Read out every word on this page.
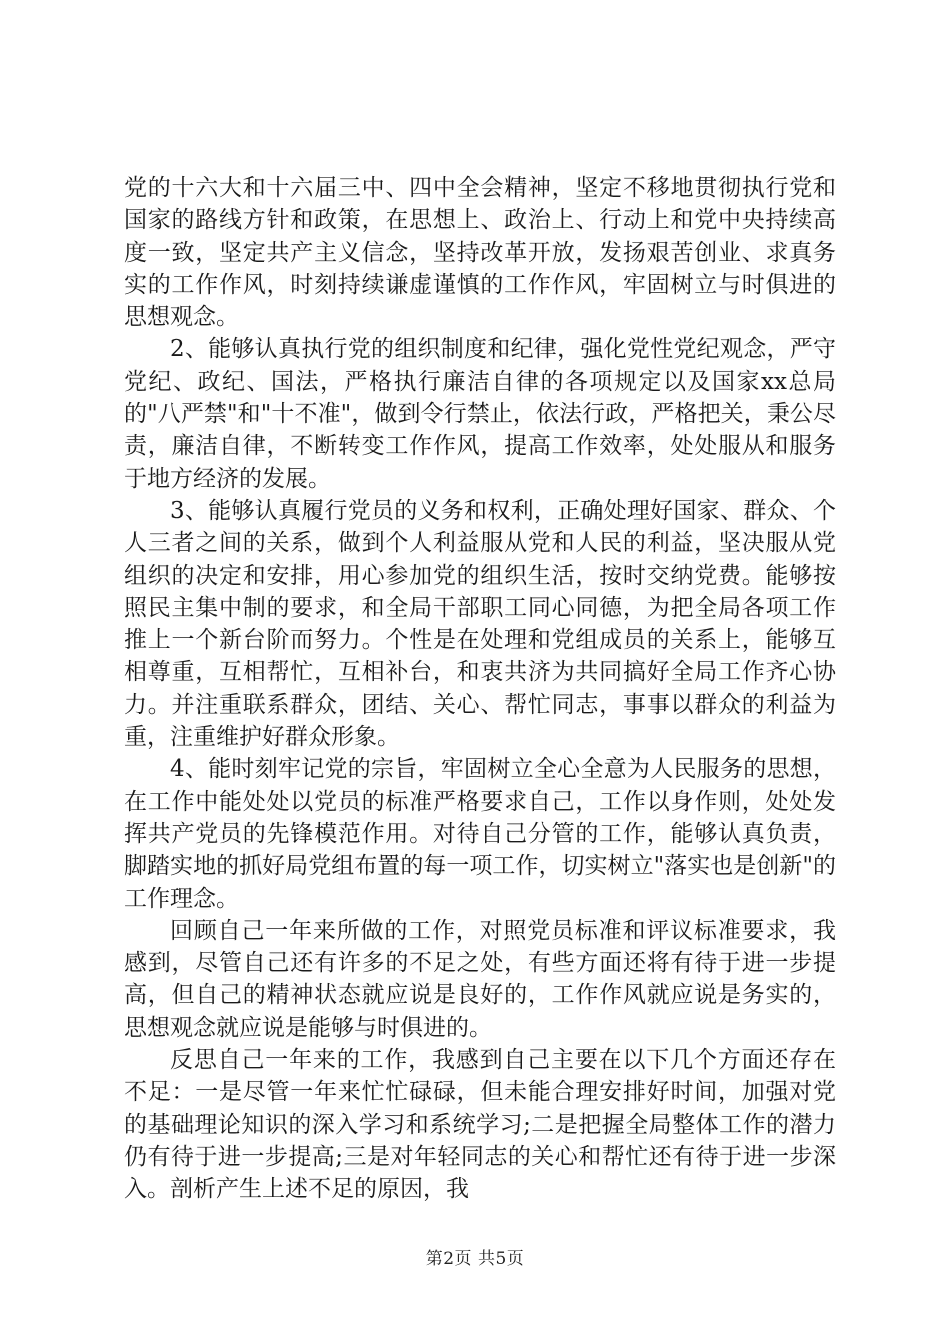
党的十六大和十六届三中、四中全会精神，坚定不移地贯彻执行党和国家的路线方针和政策，在思想上、政治上、行动上和党中央持续高度一致，坚定共产主义信念，坚持改革开放，发扬艰苦创业、求真务实的工作作风，时刻持续谦虚谨慎的工作作风，牢固树立与时俱进的思想观念。

2、能够认真执行党的组织制度和纪律，强化党性党纪观念，严守党纪、政纪、国法，严格执行廉洁自律的各项规定以及国家xx总局的"八严禁"和"十不准"，做到令行禁止，依法行政，严格把关，秉公尽责，廉洁自律，不断转变工作作风，提高工作效率，处处服从和服务于地方经济的发展。

3、能够认真履行党员的义务和权利，正确处理好国家、群众、个人三者之间的关系，做到个人利益服从党和人民的利益，坚决服从党组织的决定和安排，用心参加党的组织生活，按时交纳党费。能够按照民主集中制的要求，和全局干部职工同心同德，为把全局各项工作推上一个新台阶而努力。个性是在处理和党组成员的关系上，能够互相尊重，互相帮忙，互相补台，和衷共济为共同搞好全局工作齐心协力。并注重联系群众，团结、关心、帮忙同志，事事以群众的利益为重，注重维护好群众形象。

4、能时刻牢记党的宗旨，牢固树立全心全意为人民服务的思想，在工作中能处处以党员的标准严格要求自己，工作以身作则，处处发挥共产党员的先锋模范作用。对待自己分管的工作，能够认真负责，脚踏实地的抓好局党组布置的每一项工作，切实树立"落实也是创新"的工作理念。

回顾自己一年来所做的工作，对照党员标准和评议标准要求，我感到，尽管自己还有许多的不足之处，有些方面还将有待于进一步提高，但自己的精神状态就应说是良好的，工作作风就应说是务实的，思想观念就应说是能够与时俱进的。

反思自己一年来的工作，我感到自己主要在以下几个方面还存在不足：一是尽管一年来忙忙碌碌，但未能合理安排好时间，加强对党的基础理论知识的深入学习和系统学习;二是把握全局整体工作的潜力仍有待于进一步提高;三是对年轻同志的关心和帮忙还有待于进一步深入。剖析产生上述不足的原因，我

第2页 共5页
